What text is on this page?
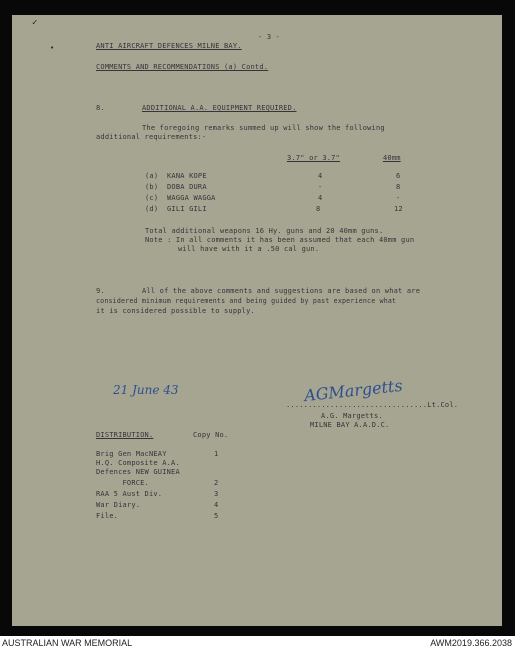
✓
•
- 3 -
ANTI AIRCRAFT DEFENCES MILNE BAY.
COMMENTS AND RECOMMENDATIONS (a) Contd.
8.	ADDITIONAL A.A. EQUIPMENT REQUIRED.
The foregoing remarks summed up will show the following
additional requirements:-
3.7" or 3.7"	40mm
(a) KANA KOPE	4	6
(b) DOBA DURA	-	8
(c) WAGGA WAGGA	4	-
(d) GILI GILI	8	12
Total additional weapons 16 Hy. guns and 20 40mm guns.
Note : In all comments it has been assumed that each 40mm gun
will have with it a .50 cal gun.
9.	All of the above comments and suggestions are based on what are
considered minimum requirements and being guided by past experience what
it is considered possible to supply.
21 June 43	AGMargetts
................................Lt.Col.
A.G. Margetts.
MILNE BAY A.A.D.C.
DISTRIBUTION.	Copy No.
Brig Gen MacNEAY	1
H.Q. Composite A.A.
Defences NEW GUINEA
FORCE.	2
RAA 5 Aust Div.	3
War Diary.	4
File.	5
AUSTRALIAN WAR MEMORIAL	AWM2019.366.2038
